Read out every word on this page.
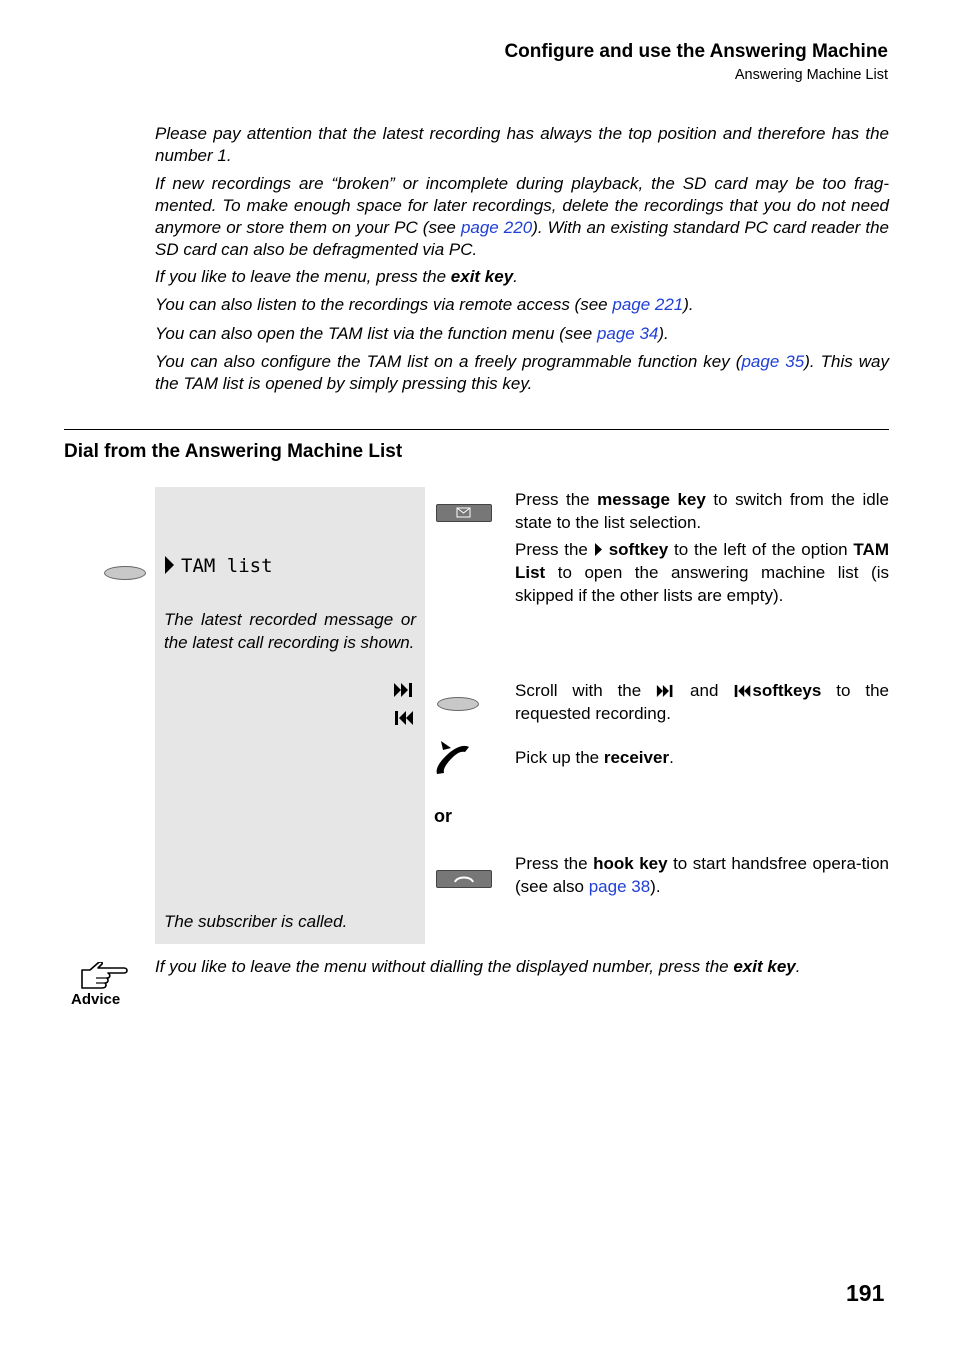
Configure and use the Answering Machine
Answering Machine List
Please pay attention that the latest recording has always the top position and therefore has the number 1.
If new recordings are “broken” or incomplete during playback, the SD card may be too frag-mented. To make enough space for later recordings, delete the recordings that you do not need anymore or store them on your PC (see page 220). With an existing standard PC card reader the SD card can also be defragmented via PC.
If you like to leave the menu, press the exit key.
You can also listen to the recordings via remote access (see page 221).
You can also open the TAM list via the function menu (see page 34).
You can also configure the TAM list on a freely programmable function key (page 35). This way the TAM list is opened by simply pressing this key.
Dial from the Answering Machine List
TAM list
The latest recorded message or the latest call recording is shown.
The subscriber is called.
or
Press the message key to switch from the idle state to the list selection.
Press the softkey to the left of the option TAM List to open the answering machine list (is skipped if the other lists are empty).
Scroll with the  and softkeys to the requested recording.
Pick up the receiver.
Press the hook key to start handsfree opera-tion (see also page 38).
Advice
If you like to leave the menu without dialling the displayed number, press the exit key.
191
